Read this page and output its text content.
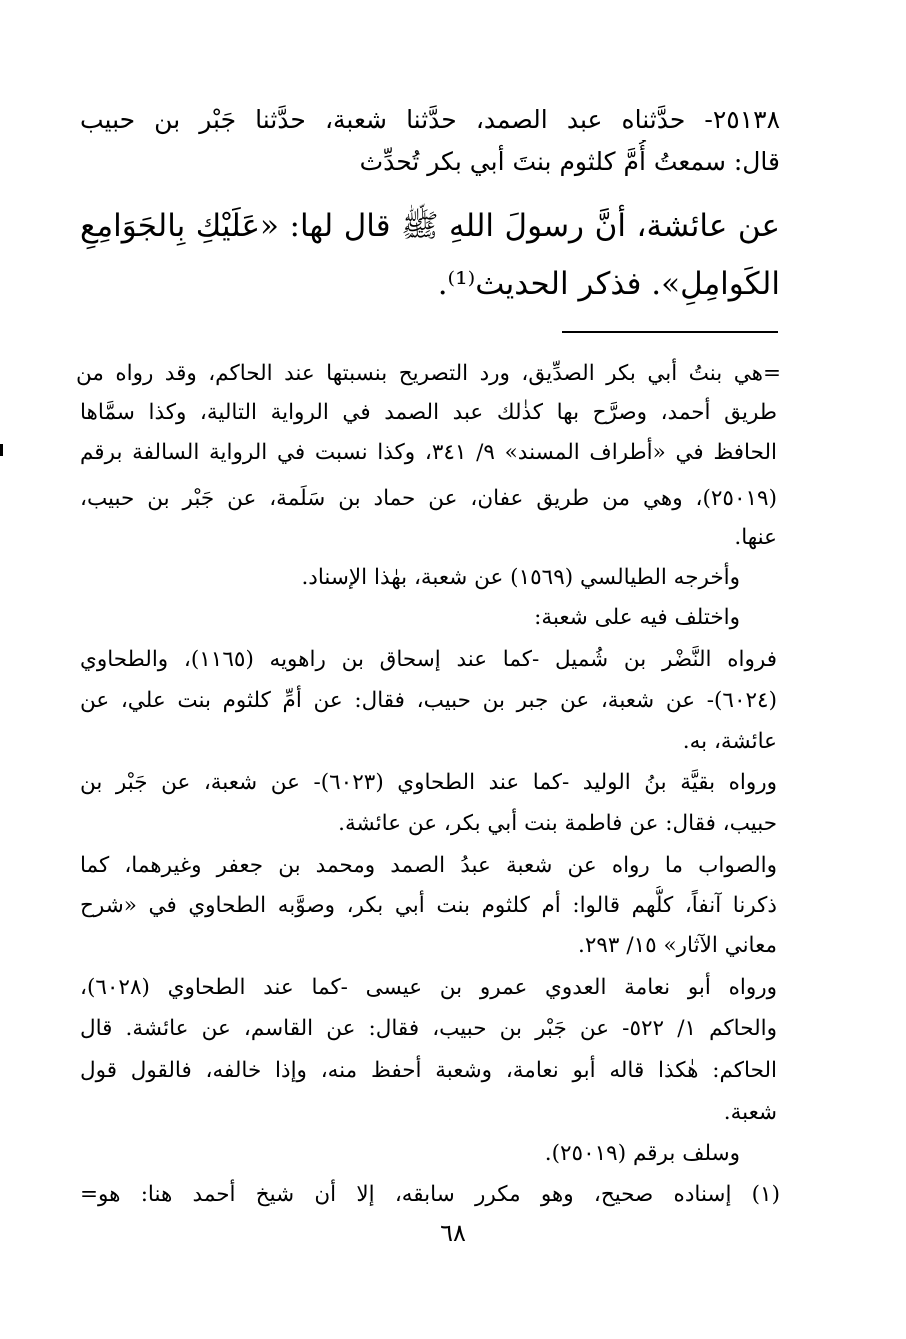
٢٥١٣٨- حدَّثناه عبد الصمد، حدَّثنا شعبة، حدَّثنا جَبْر بن حبيب
قال: سمعتُ أُمَّ كلثوم بنتَ أبي بكر تُحدِّث
عن عائشة، أنَّ رسولَ اللهِ ﷺ قال لها: «عَلَيْكِ بِالجَوَامِعِ
الكَوامِلِ». فذكر الحديث⁽¹⁾.
=هي بنتُ أبي بكر الصدِّيق، ورد التصريح بنسبتها عند الحاكم، وقد رواه من
طريق أحمد، وصرَّح بها كذٰلك عبد الصمد في الرواية التالية، وكذا سمَّاها
الحافظ في «أطراف المسند» ٩/ ٣٤١، وكذا نسبت في الرواية السالفة برقم
(٢٥٠١٩)، وهي من طريق عفان، عن حماد بن سَلَمة، عن جَبْر بن حبيب،
عنها.
وأخرجه الطيالسي (١٥٦٩) عن شعبة، بهٰذا الإسناد.
واختلف فيه على شعبة:
فرواه النَّضْر بن شُميل -كما عند إسحاق بن راهويه (١١٦٥)، والطحاوي
(٦٠٢٤)- عن شعبة، عن جبر بن حبيب، فقال: عن أمِّ كلثوم بنت علي، عن
عائشة، به.
ورواه بقيَّة بنُ الوليد -كما عند الطحاوي (٦٠٢٣)- عن شعبة، عن جَبْر بن
حبيب، فقال: عن فاطمة بنت أبي بكر، عن عائشة.
والصواب ما رواه عن شعبة عبدُ الصمد ومحمد بن جعفر وغيرهما، كما
ذكرنا آنفاً، كلُّهم قالوا: أم كلثوم بنت أبي بكر، وصوَّبه الطحاوي في «شرح
معاني الآثار» ١٥/ ٢٩٣.
ورواه أبو نعامة العدوي عمرو بن عيسى -كما عند الطحاوي (٦٠٢٨)،
والحاكم ١/ ٥٢٢- عن جَبْر بن حبيب، فقال: عن القاسم، عن عائشة. قال
الحاكم: هٰكذا قاله أبو نعامة، وشعبة أحفظ منه، وإذا خالفه، فالقول قول
شعبة.
وسلف برقم (٢٥٠١٩).
(١) إسناده صحيح، وهو مكرر سابقه، إلا أن شيخ أحمد هنا: هو=
٦٨
